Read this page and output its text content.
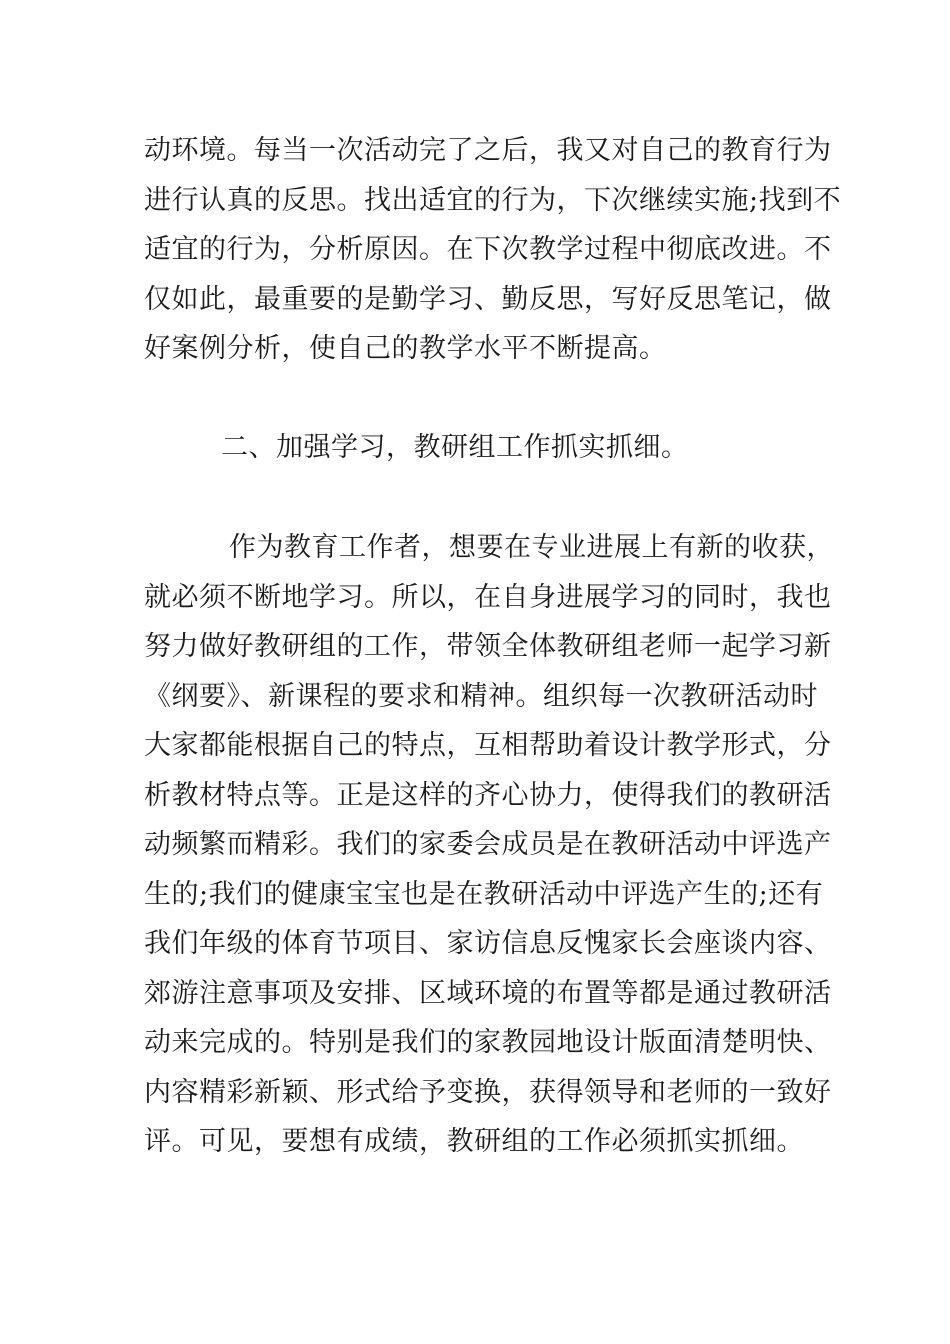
动环境。每当一次活动完了之后，我又对自己的教育行为
进行认真的反思。找出适宜的行为，下次继续实施;找到不
适宜的行为，分析原因。在下次教学过程中彻底改进。不
仅如此，最重要的是勤学习、勤反思，写好反思笔记，做
好案例分析，使自己的教学水平不断提高。
二、加强学习，教研组工作抓实抓细。
作为教育工作者，想要在专业进展上有新的收获，
就必须不断地学习。所以，在自身进展学习的同时，我也
努力做好教研组的工作，带领全体教研组老师一起学习新
《纲要》、新课程的要求和精神。组织每一次教研活动时
大家都能根据自己的特点，互相帮助着设计教学形式，分
析教材特点等。正是这样的齐心协力，使得我们的教研活
动频繁而精彩。我们的家委会成员是在教研活动中评选产
生的;我们的健康宝宝也是在教研活动中评选产生的;还有
我们年级的体育节项目、家访信息反愧家长会座谈内容、
郊游注意事项及安排、区域环境的布置等都是通过教研活
动来完成的。特别是我们的家教园地设计版面清楚明快、
内容精彩新颖、形式给予变换，获得领导和老师的一致好
评。可见，要想有成绩，教研组的工作必须抓实抓细。
